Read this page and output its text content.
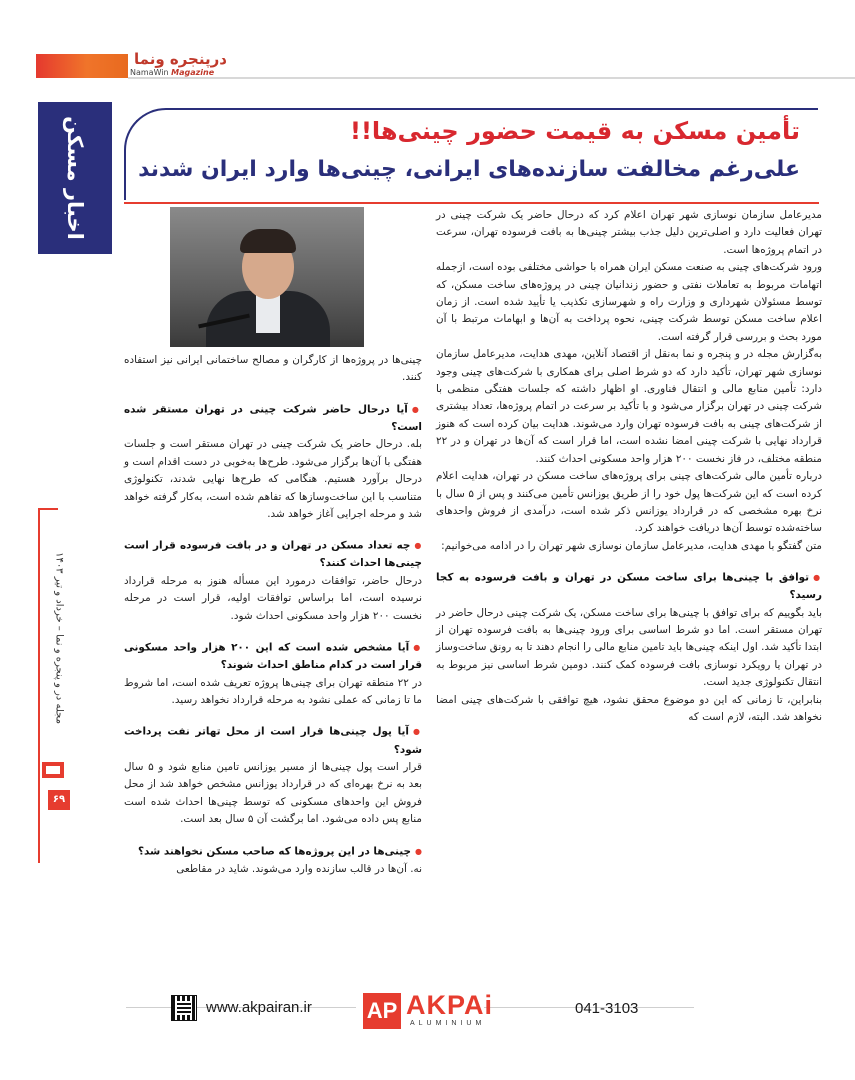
درپنجره ونما
NamaWin Magazine
اخبار مسکن
مجله در و پنجره و نما – خرداد و تیر ۱۴۰۳
۶۹
تأمین مسکن به قیمت حضور چینی‌ها!!
علی‌رغم مخالفت سازنده‌های ایرانی، چینی‌ها وارد ایران شدند

مدیرعامل سازمان نوسازی شهر تهران اعلام کرد که درحال حاضر یک شرکت چینی در تهران فعالیت دارد و اصلی‌ترین دلیل جذب بیشتر چینی‌ها به بافت فرسوده تهران، سرعت در اتمام پروژه‌ها است.

ورود شرکت‌های چینی به صنعت مسکن ایران همراه با حواشی مختلفی بوده است، ازجمله اتهامات مربوط به تعاملات نفتی و حضور زندانیان چینی در پروژه‌های ساخت مسکن، که توسط مسئولان شهرداری و وزارت راه و شهرسازی تکذیب یا تأیید شده است. از زمان اعلام ساخت مسکن توسط شرکت چینی، نحوه پرداخت به آن‌ها و ابهامات مرتبط با آن مورد بحث و بررسی قرار گرفته است.

به‌گزارش مجله در و پنجره و نما به‌نقل از اقتصاد آنلاین، مهدی هدایت، مدیرعامل سازمان نوسازی شهر تهران، تأکید دارد که دو شرط اصلی برای همکاری با شرکت‌های چینی وجود دارد: تأمین منابع مالی و انتقال فناوری. او اظهار داشته که جلسات هفتگی منظمی با شرکت چینی در تهران برگزار می‌شود و با تأکید بر سرعت در اتمام پروژه‌ها، تعداد بیشتری از شرکت‌های چینی به بافت فرسوده تهران وارد می‌شوند. هدایت بیان کرده است که هنوز قرارداد نهایی با شرکت چینی امضا نشده است، اما قرار است که آن‌ها در تهران و در ۲۲ منطقه مختلف، در فاز نخست ۲۰۰ هزار واحد مسکونی احداث کنند.

درباره تأمین مالی شرکت‌های چینی برای پروژه‌های ساخت مسکن در تهران، هدایت اعلام کرده است که این شرکت‌ها پول خود را از طریق یوزانس تأمین می‌کنند و پس از ۵ سال با نرخ بهره مشخصی که در قرارداد یوزانس ذکر شده است، درآمدی از فروش واحدهای ساخته‌شده توسط آن‌ها دریافت خواهند کرد.

متن گفتگو با مهدی هدایت، مدیرعامل سازمان نوسازی شهر تهران را در ادامه می‌خوانیم:

● توافق با چینی‌ها برای ساخت مسکن در تهران و بافت فرسوده به کجا رسید؟

باید بگوییم که برای توافق با چینی‌ها برای ساخت مسکن، یک شرکت چینی درحال حاضر در تهران مستقر است. اما دو شرط اساسی برای ورود چینی‌ها به بافت فرسوده تهران از ابتدا تأکید شد. اول اینکه چینی‌ها باید تامین منابع مالی را انجام دهند تا به رونق ساخت‌وساز در تهران یا رویکرد نوسازی بافت فرسوده کمک کنند. دومین شرط اساسی نیز مربوط به انتقال تکنولوژی جدید است.

بنابراین، تا زمانی که این دو موضوع محقق نشود، هیچ توافقی با شرکت‌های چینی امضا نخواهد شد. البته، لازم است که

چینی‌ها در پروژه‌ها از کارگران و مصالح ساختمانی ایرانی نیز استفاده کنند.

● آیا درحال حاضر شرکت چینی در تهران مستقر شده است؟

بله. درحال حاضر یک شرکت چینی در تهران مستقر است و جلسات هفتگی با آن‌ها برگزار می‌شود. طرح‌ها به‌خوبی در دست اقدام است و درحال برآورد هستیم. هنگامی که طرح‌ها نهایی شدند، تکنولوژی متناسب با این ساخت‌وسازها که تفاهم شده است، به‌کار گرفته خواهد شد و مرحله اجرایی آغاز خواهد شد.

● چه تعداد مسکن در تهران و در بافت فرسوده قرار است چینی‌ها احداث کنند؟

درحال حاضر، توافقات درمورد این مسأله هنوز به مرحله قرارداد نرسیده است، اما براساس توافقات اولیه، قرار است در مرحله نخست ۲۰۰ هزار واحد مسکونی احداث شود.

● آیا مشخص شده است که این ۲۰۰ هزار واحد مسکونی قرار است در کدام مناطق احداث شوند؟

در ۲۲ منطقه تهران برای چینی‌ها پروژه تعریف شده است، اما شروط ما تا زمانی که عملی نشود به مرحله قرارداد نخواهد رسید.

● آیا پول چینی‌ها قرار است از محل تهاتر نفت پرداخت شود؟

قرار است پول چینی‌ها از مسیر یوزانس تامین منابع شود و ۵ سال بعد به نرخ بهره‌ای که در قرارداد یوزانس مشخص خواهد شد از محل فروش این واحدهای مسکونی که توسط چینی‌ها احداث شده است منابع پس داده می‌شود. اما برگشت آن ۵ سال بعد است.

● چینی‌ها در این پروژه‌ها که صاحب مسکن نخواهند شد؟

نه. آن‌ها در قالب سازنده وارد می‌شوند. شاید در مقاطعی

www.akpairan.ir AP AKPAi
ALUMINIUM
041-3103
